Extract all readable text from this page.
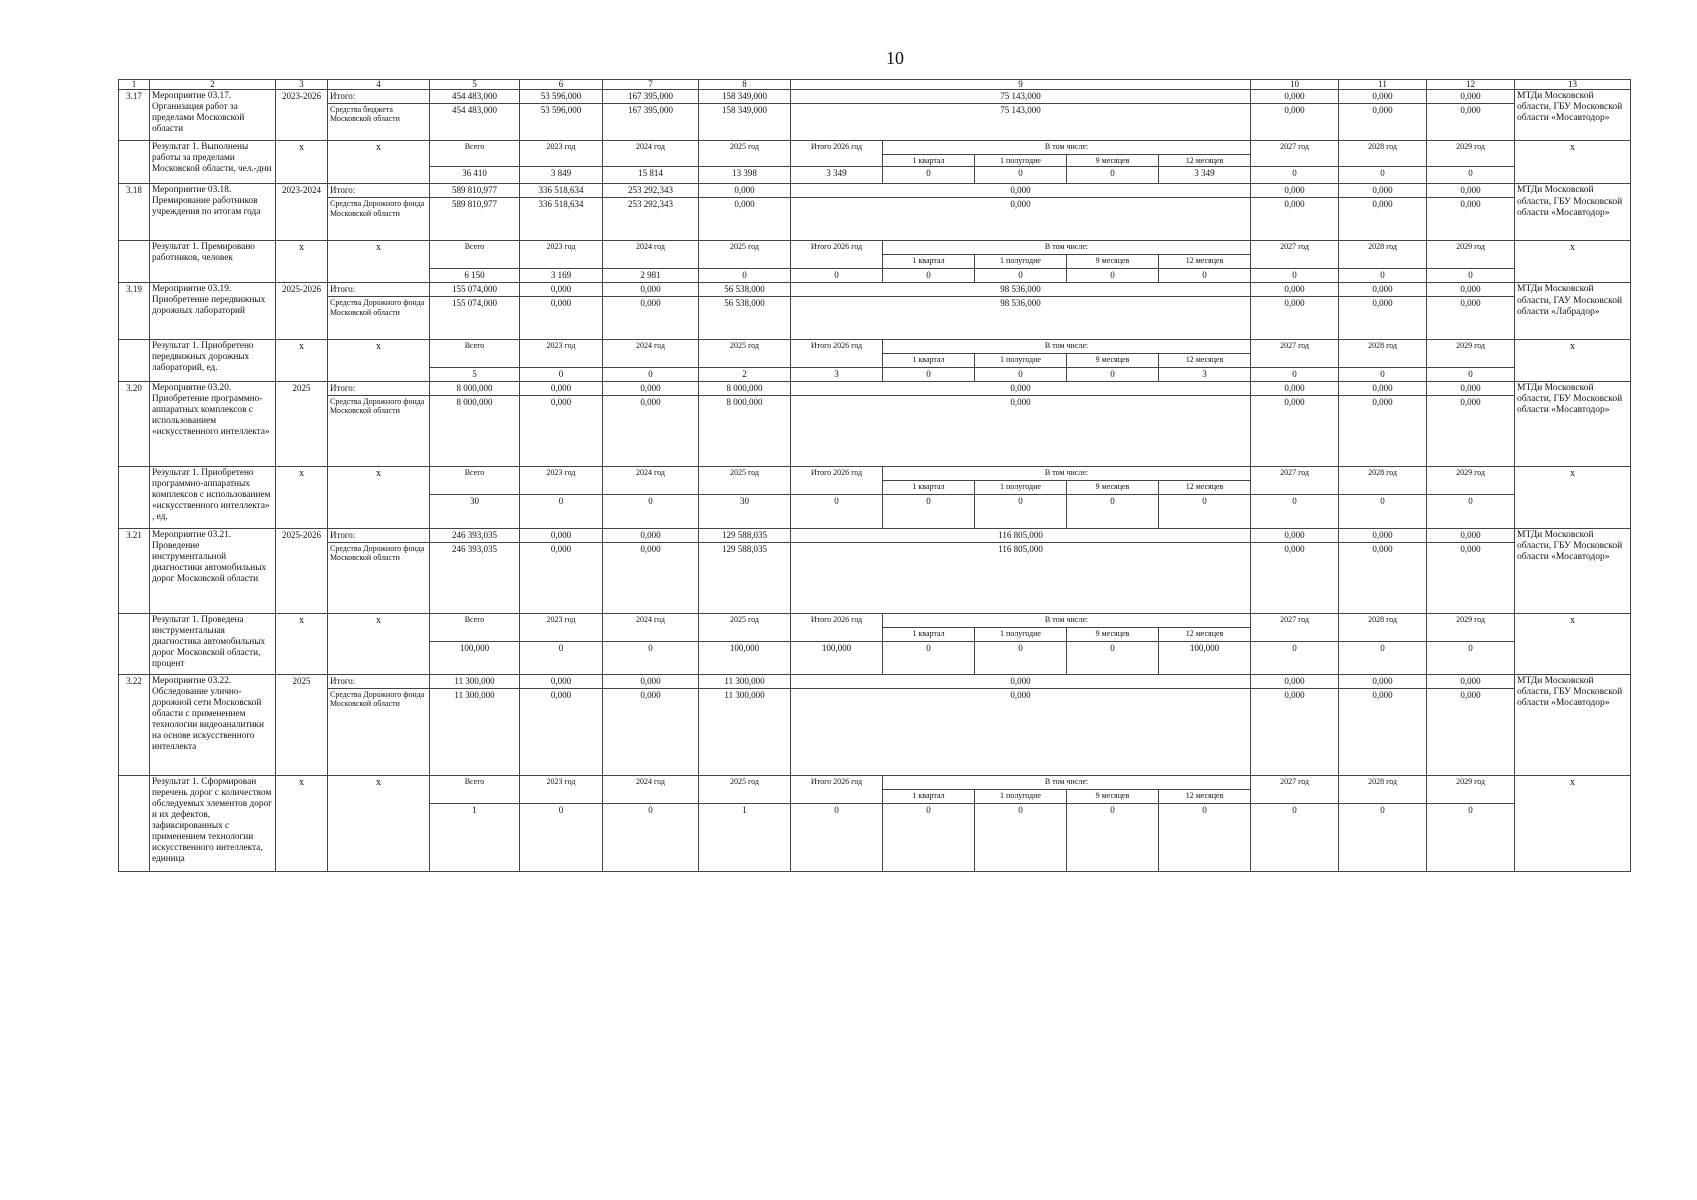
10
1	2	3	4	5	6	7	8	9					10	11	12	13
3.17	Мероприятие 03.17. Организация работ за пределами Московской области	2023-2026	Итого:	454 483,000	53 596,000	167 395,000	158 349,000	75 143,000					0,000	0,000	0,000	МТДи Московской области, ГБУ Московской области «Мосавтодор»
			Средства бюджета Московской области	454 483,000	53 596,000	167 395,000	158 349,000	75 143,000					0,000	0,000	0,000	
	Результат 1. Выполнены работы за пределами Московской области, чел.-дни	x	x	Всего	2023 год	2024 год	2025 год	Итого 2026 год	В том числе:				2027 год	2028 год	2029 год	x
									1 квартал	1 полугодие	9 месяцев	12 месяцев				
				36 410	3 849	15 814	13 398	3 349	0	0	0	3 349	0	0	0	
3.18	Мероприятие 03.18. Премирование работников учреждения по итогам года	2023-2024	Итого:	589 810,977	336 518,634	253 292,343	0,000	0,000					0,000	0,000	0,000	МТДи Московской области, ГБУ Московской области «Мосавтодор»
			Средства Дорожного фонда Московской области	589 810,977	336 518,634	253 292,343	0,000	0,000					0,000	0,000	0,000	
	Результат 1. Премировано работников, человек	x	x	Всего	2023 год	2024 год	2025 год	Итого 2026 год	В том числе:				2027 год	2028 год	2029 год	x
									1 квартал	1 полугодие	9 месяцев	12 месяцев				
				6 150	3 169	2 981	0	0	0	0	0	0	0	0	0	
3.19	Мероприятие 03.19. Приобретение передвижных дорожных лабораторий	2025-2026	Итого:	155 074,000	0,000	0,000	56 538,000	98 536,000					0,000	0,000	0,000	МТДи Московской области, ГАУ Московской области «Лабрадор»
			Средства Дорожного фонда Московской области	155 074,000	0,000	0,000	56 538,000	98 536,000					0,000	0,000	0,000	
	Результат 1. Приобретено передвижных дорожных лабораторий, ед.	x	x	Всего	2023 год	2024 год	2025 год	Итого 2026 год	В том числе:				2027 год	2028 год	2029 год	x
									1 квартал	1 полугодие	9 месяцев	12 месяцев				
				5	0	0	2	3	0	0	0	3	0	0	0	
3.20	Мероприятие 03.20. Приобретение программно-аппаратных комплексов с использованием «искусственного интеллекта»	2025	Итого:	8 000,000	0,000	0,000	8 000,000	0,000					0,000	0,000	0,000	МТДи Московской области, ГБУ Московской области «Мосавтодор»
			Средства Дорожного фонда Московской области	8 000,000	0,000	0,000	8 000,000	0,000					0,000	0,000	0,000	
	Результат 1. Приобретено программно-аппаратных комплексов с использованием «искусственного интеллекта» , ед.	x	x	Всего	2023 год	2024 год	2025 год	Итого 2026 год	В том числе:				2027 год	2028 год	2029 год	x
									1 квартал	1 полугодие	9 месяцев	12 месяцев				
				30	0	0	30	0	0	0	0	0	0	0	0	
3.21	Мероприятие 03.21. Проведение инструментальной диагностики автомобильных дорог Московской области	2025-2026	Итого:	246 393,035	0,000	0,000	129 588,035	116 805,000					0,000	0,000	0,000	МТДи Московской области, ГБУ Московской области «Мосавтодор»
			Средства Дорожного фонда Московской области	246 393,035	0,000	0,000	129 588,035	116 805,000					0,000	0,000	0,000	
	Результат 1. Проведена инструментальная диагностика автомобильных дорог Московской области, процент	x	x	Всего	2023 год	2024 год	2025 год	Итого 2026 год	В том числе:				2027 год	2028 год	2029 год	x
									1 квартал	1 полугодие	9 месяцев	12 месяцев				
				100,000	0	0	100,000	100,000	0	0	0	100,000	0	0	0	
3.22	Мероприятие 03.22. Обследование улично-дорожной сети Московской области с применением технологии видеоаналитики на основе искусственного интеллекта	2025	Итого:	11 300,000	0,000	0,000	11 300,000	0,000					0,000	0,000	0,000	МТДи Московской области, ГБУ Московской области «Мосавтодор»
			Средства Дорожного фонда Московской области	11 300,000	0,000	0,000	11 300,000	0,000					0,000	0,000	0,000	
	Результат 1. Сформирован перечень дорог с количеством обследуемых элементов дорог и их дефектов, зафиксированных с применением технологии искусственного интеллекта, единица	x	x	Всего	2023 год	2024 год	2025 год	Итого 2026 год	В том числе:				2027 год	2028 год	2029 год	x
									1 квартал	1 полугодие	9 месяцев	12 месяцев				
				1	0	0	1	0	0	0	0	0	0	0	0	
